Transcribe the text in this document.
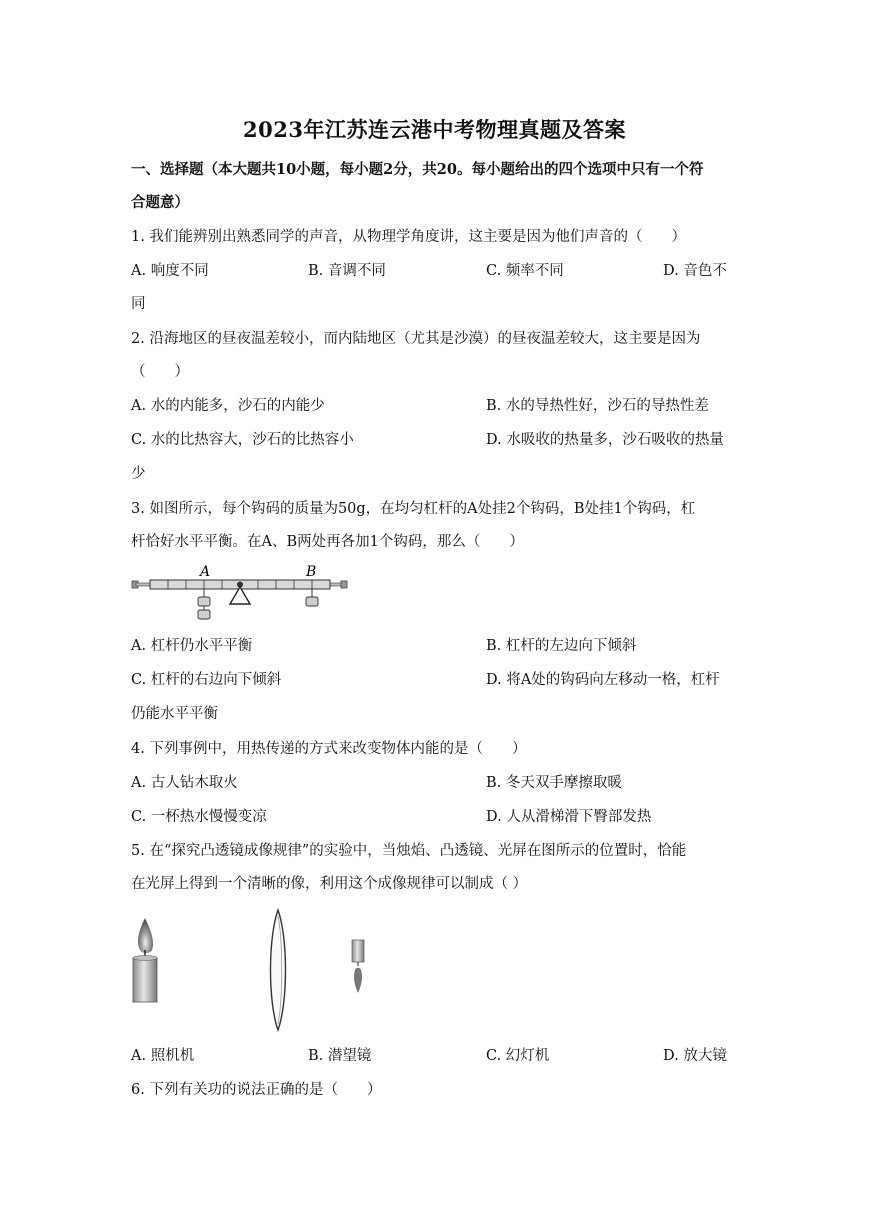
2023年江苏连云港中考物理真题及答案
一、选择题（本大题共10小题，每小题2分，共20。每小题给出的四个选项中只有一个符
合题意）
1. 我们能辨别出熟悉同学的声音，从物理学角度讲，这主要是因为他们声音的（　　）
A. 响度不同	B. 音调不同	C. 频率不同	D. 音色不
同
2. 沿海地区的昼夜温差较小，而内陆地区（尤其是沙漠）的昼夜温差较大，这主要是因为
（　　）
A. 水的内能多，沙石的内能少	B. 水的导热性好，沙石的导热性差
C. 水的比热容大，沙石的比热容小	D. 水吸收的热量多，沙石吸收的热量
少
3. 如图所示，每个钩码的质量为50g，在均匀杠杆的A处挂2个钩码，B处挂1个钩码，杠
杆恰好水平平衡。在A、B两处再各加1个钩码，那么（　　）
A	B
A. 杠杆仍水平平衡	B. 杠杆的左边向下倾斜
C. 杠杆的右边向下倾斜	D. 将A处的钩码向左移动一格，杠杆
仍能水平平衡
4. 下列事例中，用热传递的方式来改变物体内能的是（　　）
A. 古人钻木取火	B. 冬天双手摩擦取暖
C. 一杯热水慢慢变凉	D. 人从滑梯滑下臀部发热
5. 在“探究凸透镜成像规律”的实验中，当烛焰、凸透镜、光屏在图所示的位置时，恰能
在光屏上得到一个清晰的像，利用这个成像规律可以制成（ ）
A. 照机机	B. 潜望镜	C. 幻灯机	D. 放大镜
6. 下列有关功的说法正确的是（　　）
